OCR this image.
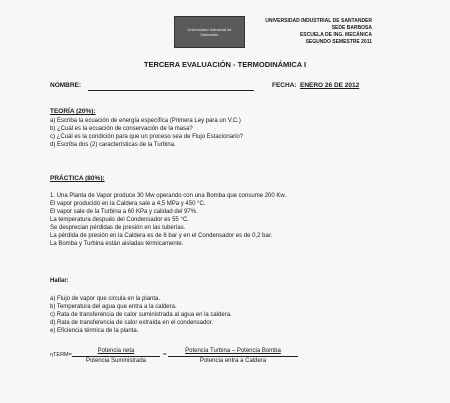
Universidad Industrial de Santander
UNIVERSIDAD INDUSTRIAL DE SANTANDER
SEDE BARBOSA
ESCUELA DE ING. MECÁNICA
SEGUNDO SEMESTRE 2011
TERCERA EVALUACIÓN - TERMODINÁMICA I
NOMBRE:	FECHA: ENERO 26 DE 2012
TEORÍA (20%):
a) Escriba la ecuación de energía específica (Primera Ley para un V.C.)
b) ¿Cuál es la ecuación de conservación de la masa?
c) ¿Cuál es la condición para que un proceso sea de Flujo Estacionario?
d) Escriba dos (2) características de la Turbina.
PRÁCTICA (80%):
1. Una Planta de Vapor produce 30 Mw operando con una Bomba que consume 200 Kw.
El vapor producido en la Caldera sale a 4,5 MPa y 450 °C.
El vapor sale de la Turbina a 60 KPa y calidad del 97%.
La temperatura después del Condensador es 55 °C.
Se desprecian pérdidas de presión en las tuberías.
La pérdida de presión en la Caldera es de 6 bar y en el Condensador es de 0,2 bar.
La Bomba y Turbina están aisladas térmicamente.
Hallar:
a) Flujo de vapor que circula en la planta.
b) Temperatura del agua que entra a la caldera.
c) Rata de transferencia de calor suministrada al agua en la caldera.
d) Rata de transferencia de calor extraída en el condensador.
e) Eficiencia térmica de la planta.
ηTERM=
Potencia neta
Potencia Suministrada
=
Potencia Turbina – Potencia Bomba
Potencia entra a Caldera
